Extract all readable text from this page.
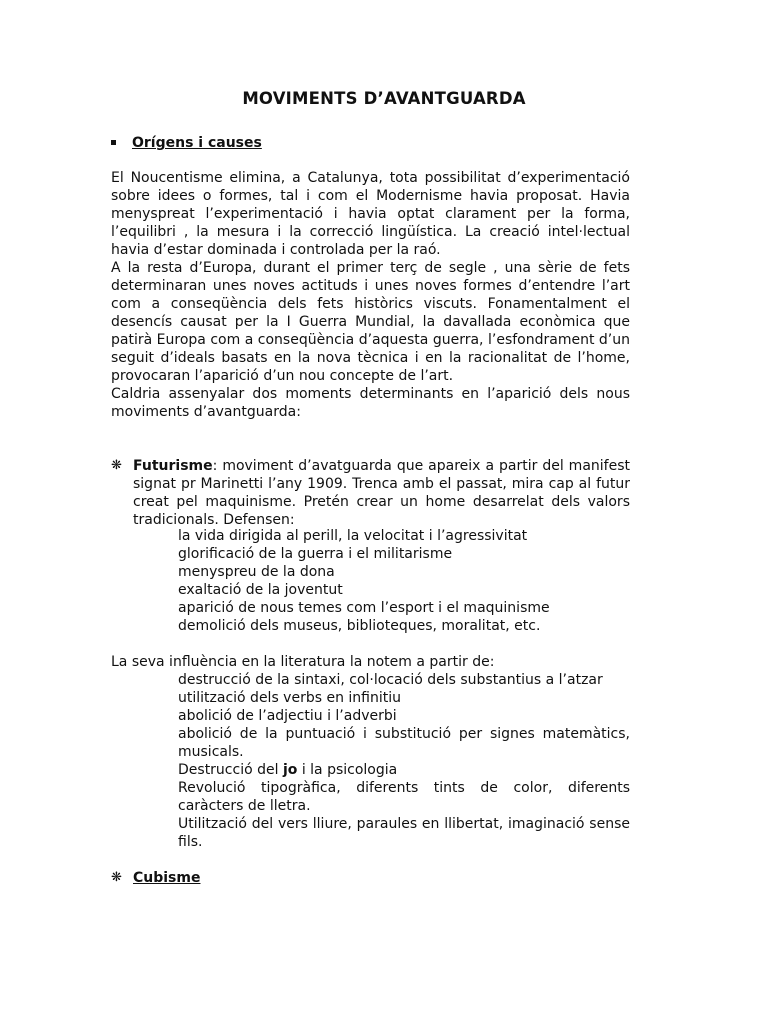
MOVIMENTS D’AVANTGUARDA
Orígens i causes

El Noucentisme elimina, a Catalunya, tota possibilitat d’experimentació sobre idees o formes, tal i com el Modernisme havia proposat. Havia menyspreat l’experimentació i havia optat clarament per la forma, l’equilibri , la mesura i la correcció lingüística. La creació intel·lectual havia d’estar dominada i controlada per la raó.

A la resta d’Europa, durant el primer terç de segle , una sèrie de fets determinaran unes noves actituds i unes noves formes d’entendre l’art com a conseqüència dels fets històrics viscuts. Fonamentalment el desencís causat per la I Guerra Mundial, la davallada econòmica que patirà Europa com a conseqüència d’aquesta guerra, l’esfondrament d’un seguit d’ideals basats en la nova tècnica i en la racionalitat de l’home, provocaran l’aparició d’un nou concepte de l’art.

Caldria assenyalar dos moments determinants en l’aparició dels nous moviments d’avantguarda:

❋ Futurisme: moviment d’avatguarda que apareix a partir del manifest signat pr Marinetti l’any 1909. Trenca amb el passat, mira cap al futur creat pel maquinisme. Pretén crear un home desarrelat dels valors tradicionals. Defensen:
la vida dirigida al perill, la velocitat i l’agressivitat
glorificació de la guerra i el militarisme
menyspreu de la dona
exaltació de la joventut
aparició de nous temes com l’esport i el maquinisme
demolició dels museus, biblioteques, moralitat, etc.

La seva influència en la literatura la notem a partir de:

destrucció de la sintaxi, col·locació dels substantius a l’atzar
utilització dels verbs en infinitiu
abolició de l’adjectiu i l’adverbi
abolició de la puntuació i substitució per signes matemàtics, musicals.
Destrucció del jo i la psicologia
Revolució tipogràfica, diferents tints de color, diferents caràcters de lletra.
Utilització del vers lliure, paraules en llibertat, imaginació sense fils.
❋ Cubisme
